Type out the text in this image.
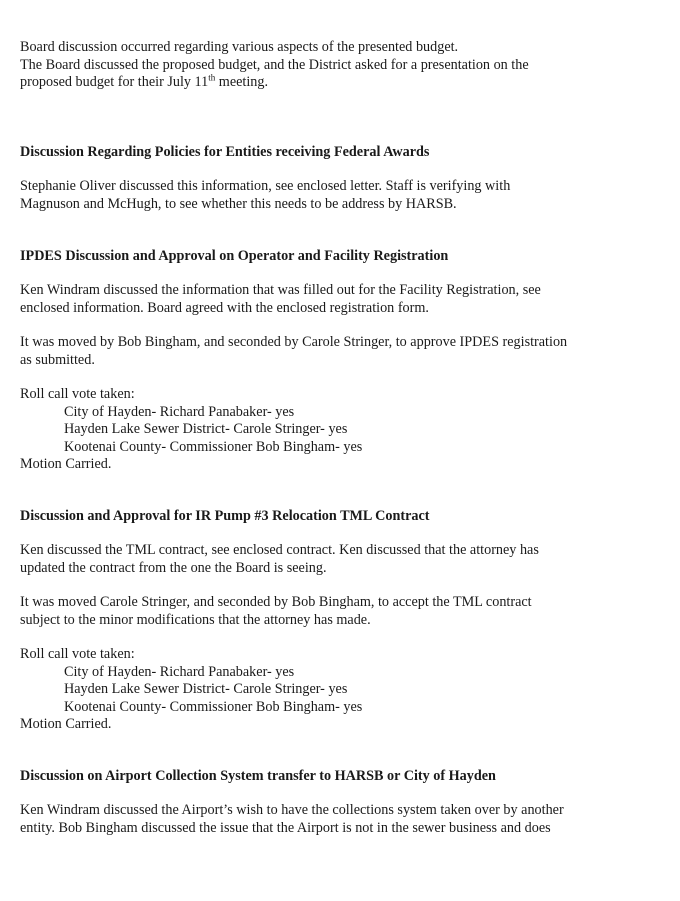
Board discussion occurred regarding various aspects of the presented budget.
The Board discussed the proposed budget, and the District asked for a presentation on the
proposed budget for their July 11th meeting.
Discussion Regarding Policies for Entities receiving Federal Awards
Stephanie Oliver discussed this information, see enclosed letter. Staff is verifying with
Magnuson and McHugh, to see whether this needs to be address by HARSB.
IPDES Discussion and Approval on Operator and Facility Registration
Ken Windram discussed the information that was filled out for the Facility Registration, see
enclosed information. Board agreed with the enclosed registration form.
It was moved by Bob Bingham, and seconded by Carole Stringer, to approve IPDES registration
as submitted.
Roll call vote taken:
City of Hayden- Richard Panabaker- yes
Hayden Lake Sewer District- Carole Stringer- yes
Kootenai County- Commissioner Bob Bingham- yes
Motion Carried.
Discussion and Approval for IR Pump #3 Relocation TML Contract
Ken discussed the TML contract, see enclosed contract. Ken discussed that the attorney has
updated the contract from the one the Board is seeing.
It was moved Carole Stringer, and seconded by Bob Bingham, to accept the TML contract
subject to the minor modifications that the attorney has made.
Roll call vote taken:
City of Hayden- Richard Panabaker- yes
Hayden Lake Sewer District- Carole Stringer- yes
Kootenai County- Commissioner Bob Bingham- yes
Motion Carried.
Discussion on Airport Collection System transfer to HARSB or City of Hayden
Ken Windram discussed the Airport’s wish to have the collections system taken over by another
entity. Bob Bingham discussed the issue that the Airport is not in the sewer business and does
